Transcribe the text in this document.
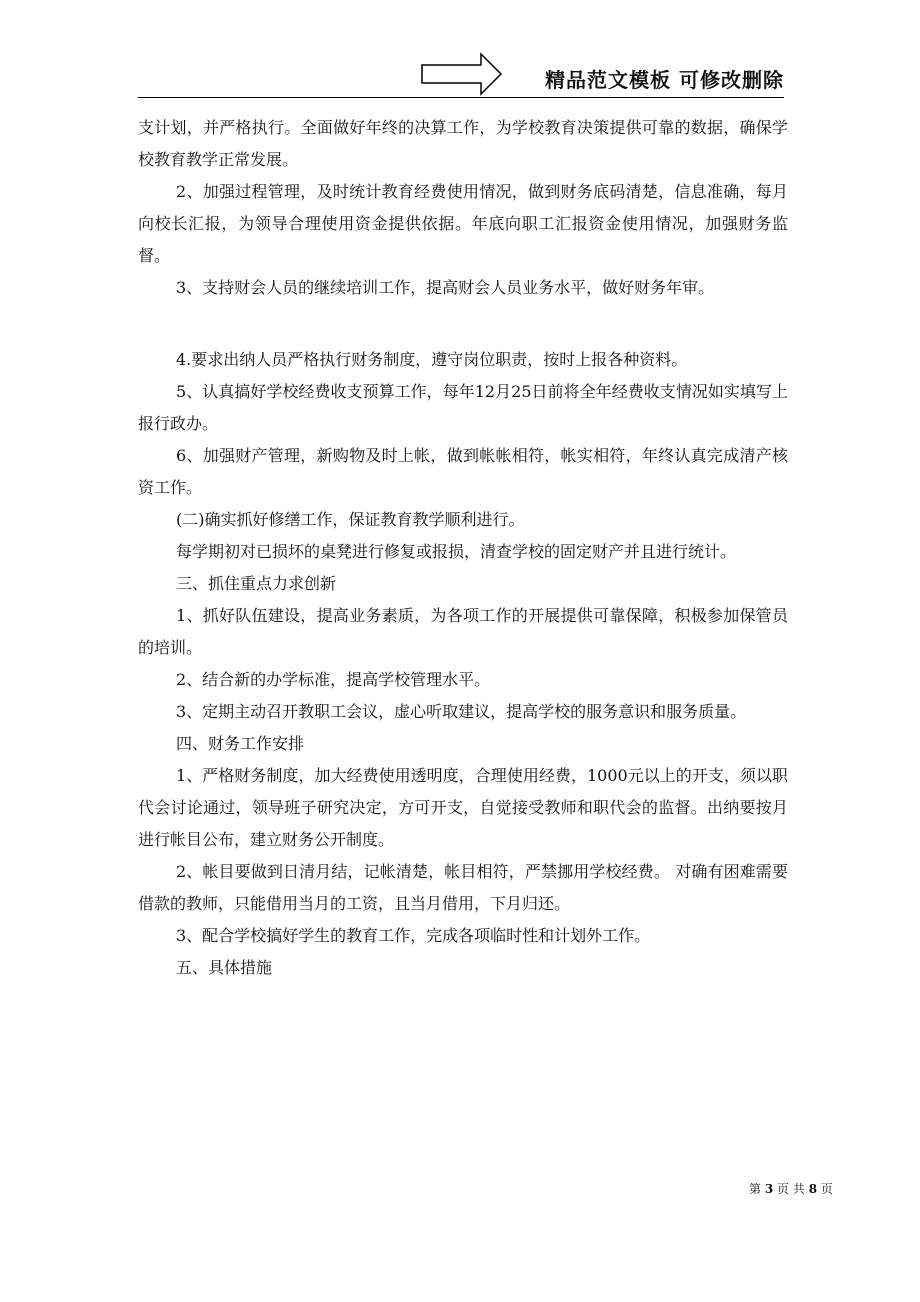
精品范文模板 可修改删除

支计划，并严格执行。全面做好年终的决算工作，为学校教育决策提供可靠的数据，确保学校教育教学正常发展。

2、加强过程管理，及时统计教育经费使用情况，做到财务底码清楚，信息准确，每月向校长汇报，为领导合理使用资金提供依据。年底向职工汇报资金使用情况，加强财务监督。

3、支持财会人员的继续培训工作，提高财会人员业务水平，做好财务年审。

4.要求出纳人员严格执行财务制度，遵守岗位职责，按时上报各种资料。

5、认真搞好学校经费收支预算工作，每年12月25日前将全年经费收支情况如实填写上报行政办。

6、加强财产管理，新购物及时上帐，做到帐帐相符，帐实相符，年终认真完成清产核资工作。

(二)确实抓好修缮工作，保证教育教学顺利进行。

每学期初对已损坏的桌凳进行修复或报损，清查学校的固定财产并且进行统计。

三、抓住重点力求创新

1、抓好队伍建设，提高业务素质，为各项工作的开展提供可靠保障，积极参加保管员的培训。

2、结合新的办学标准，提高学校管理水平。

3、定期主动召开教职工会议，虚心听取建议，提高学校的服务意识和服务质量。

四、财务工作安排

1、严格财务制度，加大经费使用透明度，合理使用经费，1000元以上的开支，须以职代会讨论通过，领导班子研究决定，方可开支，自觉接受教师和职代会的监督。出纳要按月进行帐目公布，建立财务公开制度。

2、帐目要做到日清月结，记帐清楚，帐目相符，严禁挪用学校经费。 对确有困难需要借款的教师，只能借用当月的工资，且当月借用，下月归还。

3、配合学校搞好学生的教育工作，完成各项临时性和计划外工作。

五、具体措施

第 3 页 共 8 页
